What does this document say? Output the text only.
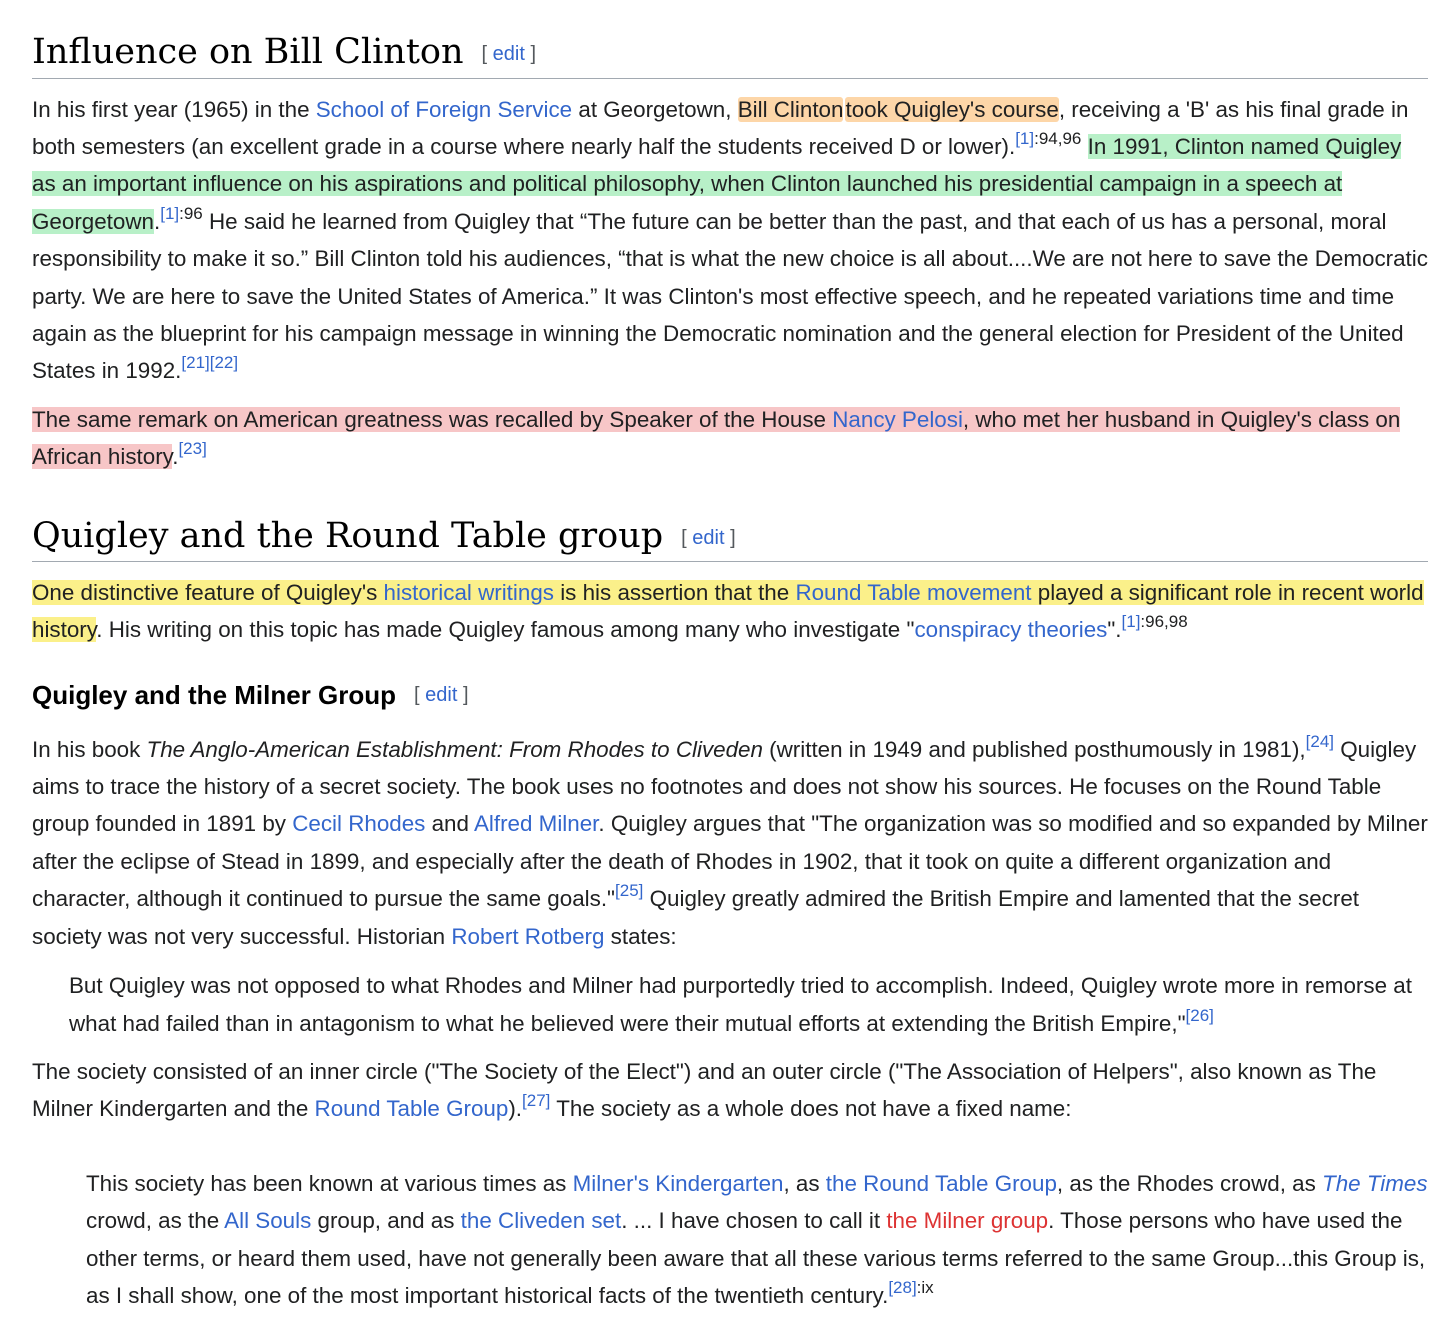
Influence on Bill Clinton [ edit ]

In his first year (1965) in the School of Foreign Service at Georgetown, Bill Clintontook Quigley's course, receiving a 'B' as his final grade in both semesters (an excellent grade in a course where nearly half the students received D or lower).$^{[1]:94,96}$ In 1991, Clinton named Quigley as an important influence on his aspirations and political philosophy, when Clinton launched his presidential campaign in a speech at Georgetown.$^{[1]:96}$ He said he learned from Quigley that “The future can be better than the past, and that each of us has a personal, moral responsibility to make it so.” Bill Clinton told his audiences, “that is what the new choice is all about....We are not here to save the Democratic party. We are here to save the United States of America.” It was Clinton's most effective speech, and he repeated variations time and time again as the blueprint for his campaign message in winning the Democratic nomination and the general election for President of the United States in 1992.[21][22]

The same remark on American greatness was recalled by Speaker of the House Nancy Pelosi, who met her husband in Quigley's class on African history.[23]

Quigley and the Round Table group [ edit ]

One distinctive feature of Quigley's historical writings is his assertion that the Round Table movement played a significant role in recent world history. His writing on this topic has made Quigley famous among many who investigate "conspiracy theories".$^{[1]:96,98}$

Quigley and the Milner Group [ edit ]

In his book The Anglo-American Establishment: From Rhodes to Cliveden (written in 1949 and published posthumously in 1981),[24] Quigley aims to trace the history of a secret society. The book uses no footnotes and does not show his sources. He focuses on the Round Table group founded in 1891 by Cecil Rhodes and Alfred Milner. Quigley argues that "The organization was so modified and so expanded by Milner after the eclipse of Stead in 1899, and especially after the death of Rhodes in 1902, that it took on quite a different organization and character, although it continued to pursue the same goals."[25] Quigley greatly admired the British Empire and lamented that the secret society was not very successful. Historian Robert Rotberg states:

But Quigley was not opposed to what Rhodes and Milner had purportedly tried to accomplish. Indeed, Quigley wrote more in remorse at what had failed than in antagonism to what he believed were their mutual efforts at extending the British Empire,"[26]

The society consisted of an inner circle ("The Society of the Elect") and an outer circle ("The Association of Helpers", also known as The Milner Kindergarten and the Round Table Group).[27] The society as a whole does not have a fixed name:

This society has been known at various times as Milner's Kindergarten, as the Round Table Group, as the Rhodes crowd, as The Times crowd, as the All Souls group, and as the Cliveden set. ... I have chosen to call it the Milner group. Those persons who have used the other terms, or heard them used, have not generally been aware that all these various terms referred to the same Group...this Group is, as I shall show, one of the most important historical facts of the twentieth century.$^{[28]:ix}$
